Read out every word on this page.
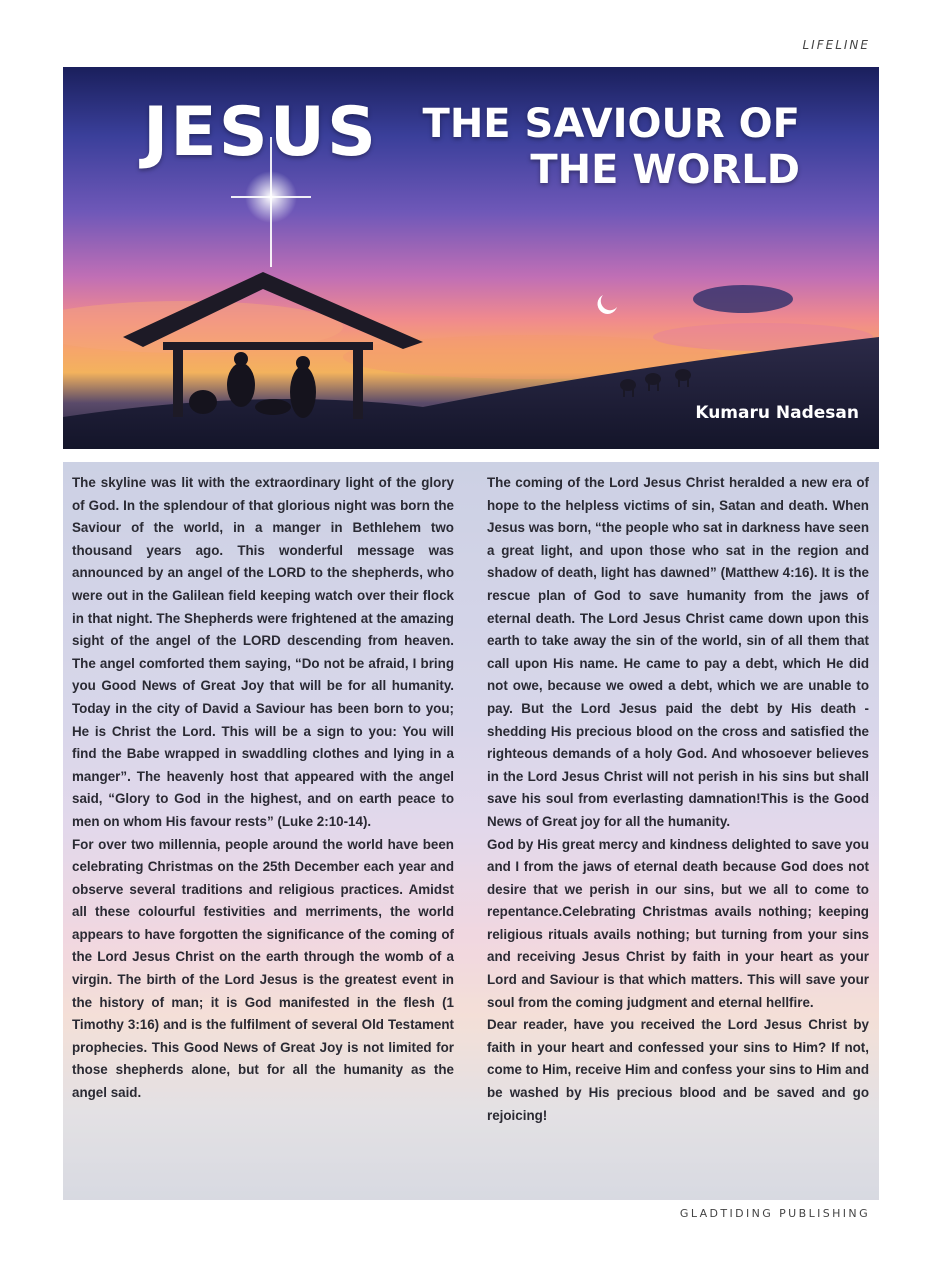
LIFELINE
JESUS	THE SAVIOUR OF
THE WORLD
Kumaru Nadesan

The skyline was lit with the extraordinary light of the glory of God. In the splendour of that glorious night was born the Saviour of the world, in a manger in Bethlehem two thousand years ago. This wonderful message was announced by an angel of the LORD to the shepherds, who were out in the Galilean field keeping watch over their flock in that night. The Shepherds were frightened at the amazing sight of the angel of the LORD descending from heaven. The angel comforted them saying, “Do not be afraid, I bring you Good News of Great Joy that will be for all humanity. Today in the city of David a Saviour has been born to you; He is Christ the Lord. This will be a sign to you: You will find the Babe wrapped in swaddling clothes and lying in a manger”. The heavenly host that appeared with the angel said, “Glory to God in the highest, and on earth peace to men on whom His favour rests” (Luke 2:10-14).

For over two millennia, people around the world have been celebrating Christmas on the 25th December each year and observe several traditions and religious practices. Amidst all these colourful festivities and merriments, the world appears to have forgotten the significance of the coming of the Lord Jesus Christ on the earth through the womb of a virgin. The birth of the Lord Jesus is the greatest event in the history of man; it is God manifested in the flesh (1 Timothy 3:16) and is the fulfilment of several Old Testament prophecies. This Good News of Great Joy is not limited for those shepherds alone, but for all the humanity as the angel said.

The coming of the Lord Jesus Christ heralded a new era of hope to the helpless victims of sin, Satan and death. When Jesus was born, “the people who sat in darkness have seen a great light, and upon those who sat in the region and shadow of death, light has dawned” (Matthew 4:16). It is the rescue plan of God to save humanity from the jaws of eternal death. The Lord Jesus Christ came down upon this earth to take away the sin of the world, sin of all them that call upon His name. He came to pay a debt, which He did not owe, because we owed a debt, which we are unable to pay. But the Lord Jesus paid the debt by His death - shedding His precious blood on the cross and satisfied the righteous demands of a holy God. And whosoever believes in the Lord Jesus Christ will not perish in his sins but shall save his soul from everlasting damnation!This is the Good News of Great joy for all the humanity.

God by His great mercy and kindness delighted to save you and I from the jaws of eternal death because God does not desire that we perish in our sins, but we all to come to repentance.Celebrating Christmas avails nothing; keeping religious rituals avails nothing; but turning from your sins and receiving Jesus Christ by faith in your heart as your Lord and Saviour is that which matters. This will save your soul from the coming judgment and eternal hellfire.

Dear reader, have you received the Lord Jesus Christ by faith in your heart and confessed your sins to Him? If not, come to Him, receive Him and confess your sins to Him and be washed by His precious blood and be saved and go rejoicing!

GLADTIDING PUBLISHING
